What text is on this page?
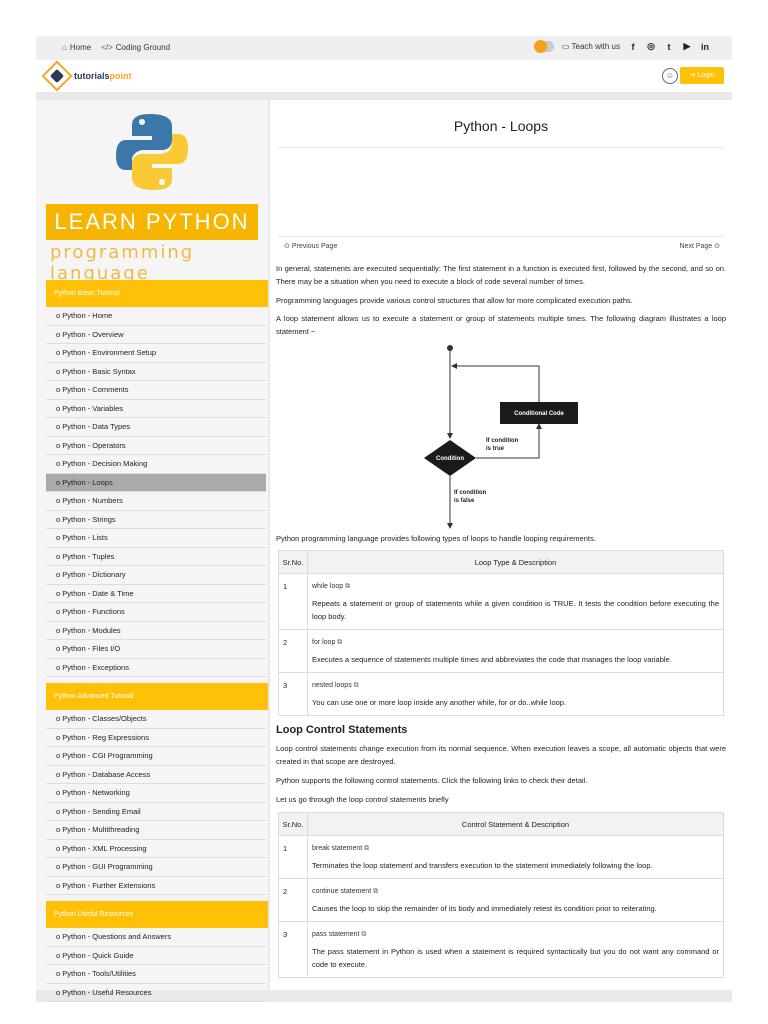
⌂ Home </> Coding Ground	▭ Teach with us	f	◎	t	▶ in
tutorialspoint	☺	⇥ Login
LEARN PYTHON
programming language
Python Basic Tutorial
o Python - Home
o Python - Overview
o Python - Environment Setup
o Python - Basic Syntax
o Python - Comments
o Python - Variables
o Python - Data Types
o Python - Operators
o Python - Decision Making
o Python - Loops
o Python - Numbers
o Python - Strings
o Python - Lists
o Python - Tuples
o Python - Dictionary
o Python - Date & Time
o Python - Functions
o Python - Modules
o Python - Files I/O
o Python - Exceptions
Python Advanced Tutorial
o Python - Classes/Objects
o Python - Reg Expressions
o Python - CGI Programming
o Python - Database Access
o Python - Networking
o Python - Sending Email
o Python - Multithreading
o Python - XML Processing
o Python - GUI Programming
o Python - Further Extensions
Python Useful Resources
o Python - Questions and Answers
o Python - Quick Guide
o Python - Tools/Utilities
o Python - Useful Resources
Python - Loops
⊙ Previous Page	Next Page ⊙
In general, statements are executed sequentially: The first statement in a function is executed first, followed by the second, and so on. There may be a situation when you need to execute a block of code several number of times.
Programming languages provide various control structures that allow for more complicated execution paths.
A loop statement allows us to execute a statement or group of statements multiple times. The following diagram illustrates a loop statement −
Condition
Conditional Code
If condition
is true
If condition
is false
Python programming language provides following types of loops to handle looping requirements.
Sr.No.	Loop Type & Description
1	while loop ⧉
Repeats a statement or group of statements while a given condition is TRUE. It tests the condition before executing the loop body.

2	for loop ⧉
Executes a sequence of statements multiple times and abbreviates the code that manages the loop variable.

3	nested loops ⧉
You can use one or more loop inside any another while, for or do..while loop.
Loop Control Statements
Loop control statements change execution from its normal sequence. When execution leaves a scope, all automatic objects that were created in that scope are destroyed.
Python supports the following control statements. Click the following links to check their detail.
Let us go through the loop control statements briefly
Sr.No.	Control Statement & Description
1	break statement ⧉
Terminates the loop statement and transfers execution to the statement immediately following the loop.

2	continue statement ⧉
Causes the loop to skip the remainder of its body and immediately retest its condition prior to reiterating.

3	pass statement ⧉
The pass statement in Python is used when a statement is required syntactically but you do not want any command or code to execute.
